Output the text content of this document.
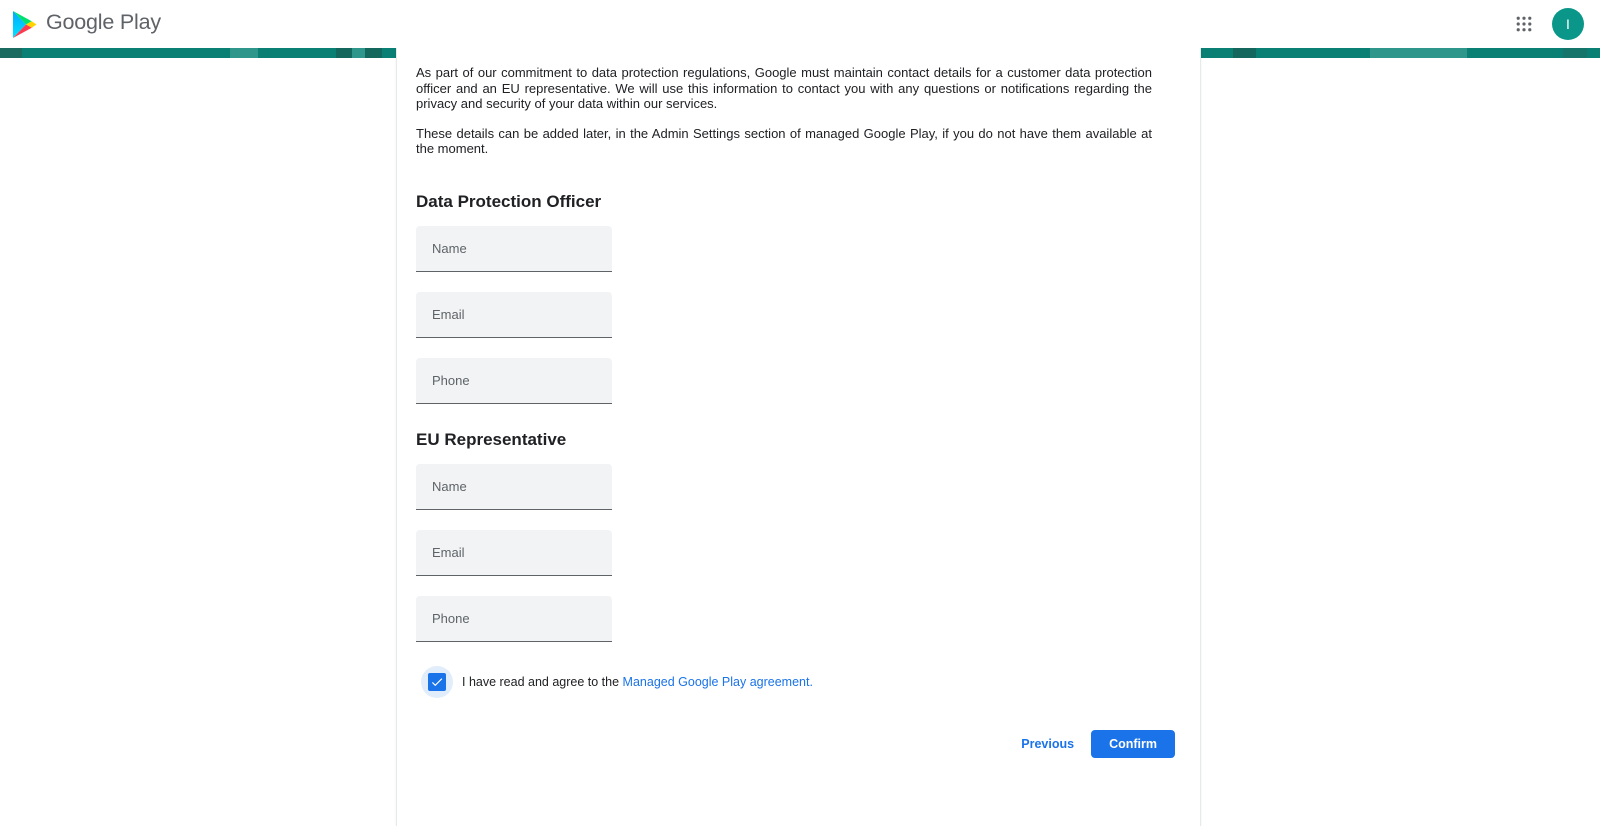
Google Play	I

As part of our commitment to data protection regulations, Google must maintain contact details for a customer data protection officer and an EU representative. We will use this information to contact you with any questions or notifications regarding the privacy and security of your data within our services.

These details can be added later, in the Admin Settings section of managed Google Play, if you do not have them available at the moment.

Data Protection Officer
Name
Email
Phone
EU Representative
Name
Email
Phone
I have read and agree to the Managed Google Play agreement.
Previous	Confirm
